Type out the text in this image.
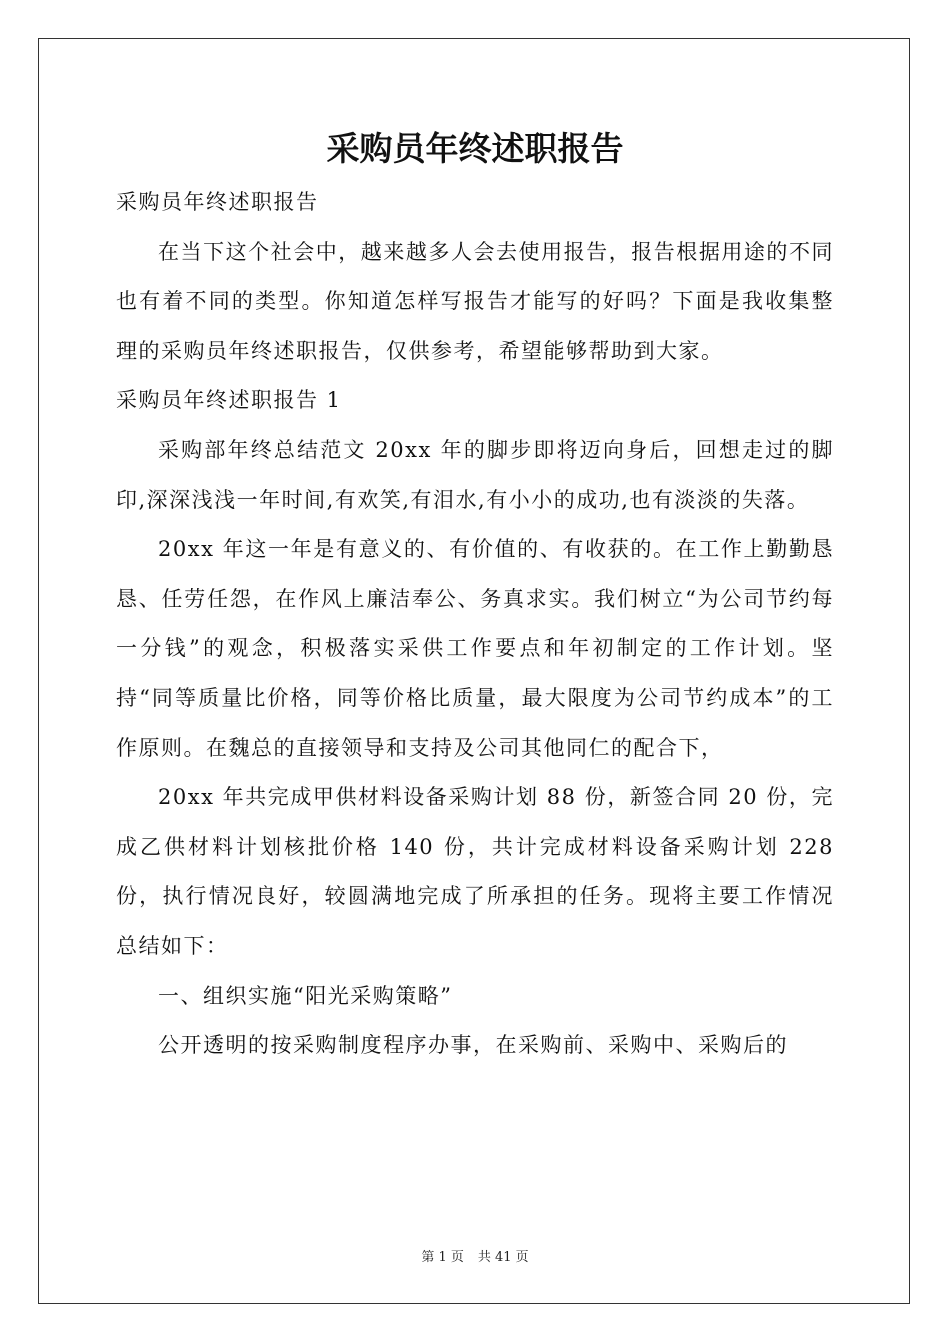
采购员年终述职报告

采购员年终述职报告

在当下这个社会中，越来越多人会去使用报告，报告根据用途的不同也有着不同的类型。你知道怎样写报告才能写的好吗？下面是我收集整理的采购员年终述职报告，仅供参考，希望能够帮助到大家。

采购员年终述职报告 1

采购部年终总结范文 20xx 年的脚步即将迈向身后，回想走过的脚印,深深浅浅一年时间,有欢笑,有泪水,有小小的成功,也有淡淡的失落。

20xx 年这一年是有意义的、有价值的、有收获的。在工作上勤勤恳恳、任劳任怨，在作风上廉洁奉公、务真求实。我们树立“为公司节约每一分钱”的观念，积极落实采供工作要点和年初制定的工作计划。坚持“同等质量比价格，同等价格比质量，最大限度为公司节约成本”的工作原则。在魏总的直接领导和支持及公司其他同仁的配合下，

20xx 年共完成甲供材料设备采购计划 88 份，新签合同 20 份，完成乙供材料计划核批价格 140 份，共计完成材料设备采购计划 228 份，执行情况良好，较圆满地完成了所承担的任务。现将主要工作情况总结如下：

一、组织实施“阳光采购策略”

公开透明的按采购制度程序办事，在采购前、采购中、采购后的

第 1 页 共 41 页
